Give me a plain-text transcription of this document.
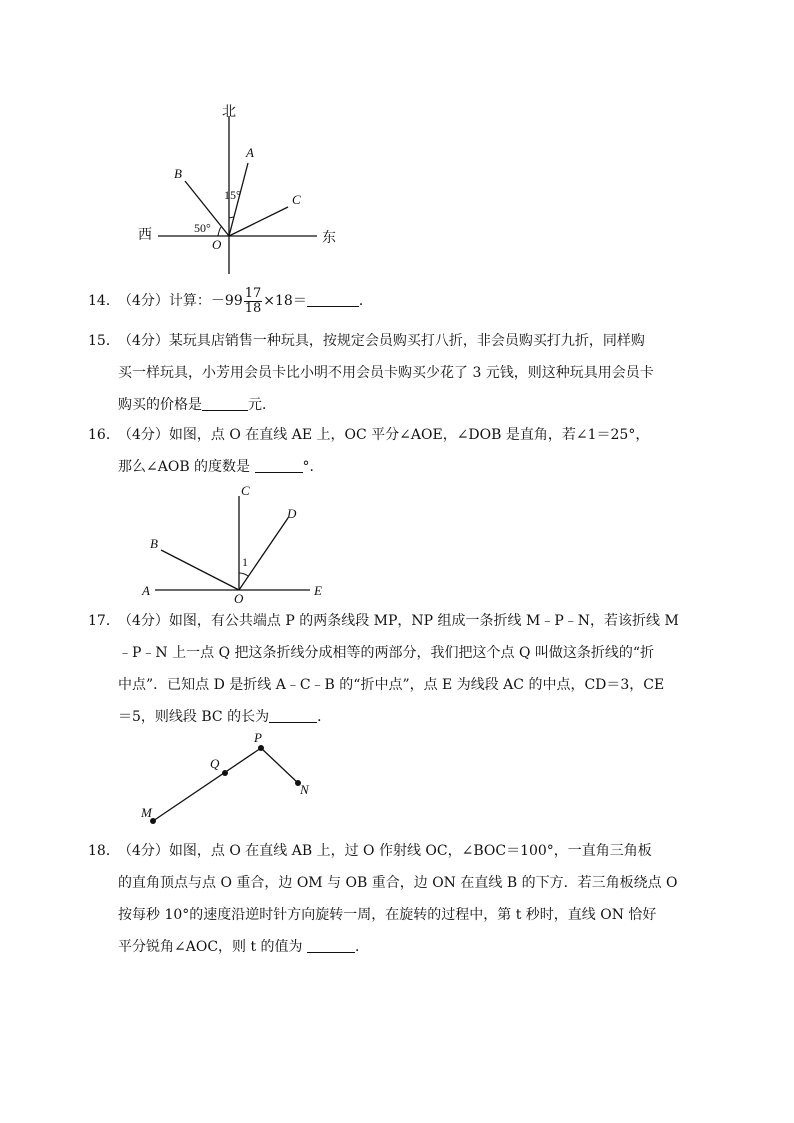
北
西	东
A
B
C
O
15°
50°
14．
（4分）计算：$-99 \frac{17}{18} \times 18=$	．
15．
（4分）某玩具店销售一种玩具，按规定会员购买打八折，非会员购买打九折，同样购
买一样玩具，小芳用会员卡比小明不用会员卡购买少花了 3 元钱，则这种玩具用会员卡
购买的价格是	元．
16．
（4分）如图，点 O 在直线 AE 上，OC 平分∠AOE，∠DOB 是直角，若∠1＝25°，
那么∠AOB 的度数是	°．
C
D
B
A	E
O
1
17．
（4分）如图，有公共端点 P 的两条线段 MP，NP 组成一条折线 M﹣P﹣N，若该折线 M
﹣P﹣N 上一点 Q 把这条折线分成相等的两部分，我们把这个点 Q 叫做这条折线的“折
中点”．已知点 D 是折线 A﹣C﹣B 的“折中点”，点 E 为线段 AC 的中点，CD＝3，CE
＝5，则线段 BC 的长为	．
M
Q
P
N
18．
（4分）如图，点 O 在直线 AB 上，过 O 作射线 OC，∠BOC＝100°，一直角三角板
的直角顶点与点 O 重合，边 OM 与 OB 重合，边 ON 在直线 B 的下方．若三角板绕点 O
按每秒 10°的速度沿逆时针方向旋转一周，在旋转的过程中，第 t 秒时，直线 ON 恰好
平分锐角∠AOC，则 t 的值为	．
